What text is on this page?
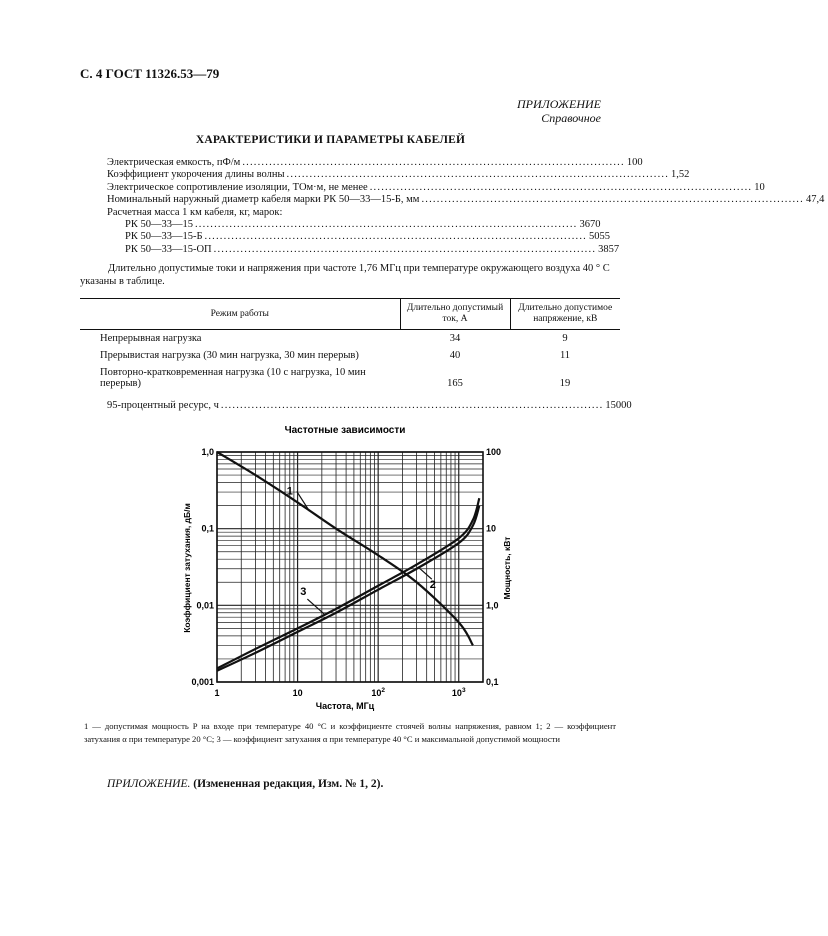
С. 4 ГОСТ 11326.53—79
ПРИЛОЖЕНИЕ
Справочное
ХАРАКТЕРИСТИКИ И ПАРАМЕТРЫ КАБЕЛЕЙ
Электрическая емкость, пФ/м .................................................................................................... 100
Коэффициент укорочения длины волны .................................................................................................... 1,52
Электрическое сопротивление изоляции, ТОм·м, не менее .................................................................................................... 10
Номинальный наружный диаметр кабеля марки РК 50—33—15-Б, мм .................................................................................................... 47,4
Расчетная масса 1 км кабеля, кг, марок:
РК 50—33—15 .................................................................................................... 3670
РК 50—33—15-Б .................................................................................................... 5055
РК 50—33—15-ОП .................................................................................................... 3857
Длительно допустимые токи и напряжения при частоте 1,76 МГц при температуре окружающего воздуха 40 ° С указаны в таблице.
Режим работы	Длительно допустимый ток, А	Длительно допустимое напряжение, кВ
Непрерывная нагрузка	34	9
Прерывистая нагрузка (30 мин нагрузка, 30 мин перерыв)	40	11
Повторно-кратковременная нагрузка (10 с нагрузка, 10 мин перерыв)	165	19
95-процентный ресурс, ч .................................................................................................... 15000
Частотные зависимости
1	10	$10^2$	$10^3$
0,001
0,01
0,1
1,0
0,1
1,0
10
100
1
2
3
Частота, МГц
Коэффициент затухания, дБ/м	Мощность, кВт
1 — допустимая мощность P на входе при температуре 40 °С и коэффициенте стоячей волны напряжения, равном 1; 2 — коэффициент затухания α при температуре 20 °С; 3 — коэффициент затухания α при температуре 40 °С и максимальной допустимой мощности
ПРИЛОЖЕНИЕ. (Измененная редакция, Изм. № 1, 2).
